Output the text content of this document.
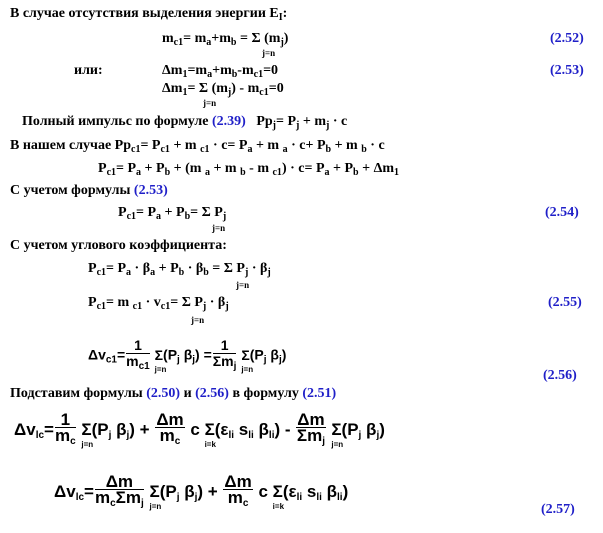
В случае отсутствия выделения энергии $E_I$:
$m_{c1}= m_a+m_b = \Sigma$ $(m_j)$
j=n
(2.52)
или:	$\Delta m_1=m_a+m_b-m_{c1}=0$	(2.53)
$\Delta m_1= \Sigma$ $(m_j) - m_{c1}=0$
j=n
Полный импульс по формуле (2.39)   $Pp_j= P_j + m_j \cdot c$
В нашем случае $Pp_{c1}= P_{c1} + m$ $_{c1} \cdot c= P_a + m$ $_a \cdot c+ P_b + m$ $_b$ · c
$P_{c1}= P_a + P_b + (m$ $_a$ + m $_b$ - m $_{c1}) \cdot c= P_a + P_b + \Delta m_1$
С учетом формулы (2.53)
$P_{c1}= P_a + P_b= \Sigma$ $P_j$
j=n
(2.54)
С учетом углового коэффициента:
$P_{c1}= P_a \cdot \beta_a + P_b \cdot \beta_b = \Sigma$ $P_j \cdot \beta_j$
j=n
$P_{c1}= m$ $_{c1} \cdot v_{c1}= \Sigma$ $P_j \cdot \beta_j$
j=n
(2.55)
$\Delta v_{c1}= \frac{1}{m_{c1}}$ Σ
j=n
($P_j$ $\beta_j) = \frac{1}{\Sigma m_j}$ Σ
j=n
($P_j$ $\beta_j$)
(2.56)
Подставим формулы (2.50) и (2.56) в формулу (2.51)
$\Delta v_{lc}= \frac{1}{m_c}$ Σ
j=n
($P_j$ $\beta_j) + \frac{\Delta m}{m_c}$ c Σ
i=k
($\varepsilon_{li}$ $s_{li}$ $\beta_{li}) - \frac{\Delta m}{\Sigma m_j}$ Σ
j=n
($P_j$ $\beta_j$)
$\Delta v_{lc}= \frac{\Delta m}{m_c\Sigma m_j}$ Σ
j=n
($P_j$ $\beta_j) + \frac{\Delta m}{m_c}$ c Σ
i=k
($\varepsilon_{li}$ $s_{li}$ $\beta_{li}$)
(2.57)
